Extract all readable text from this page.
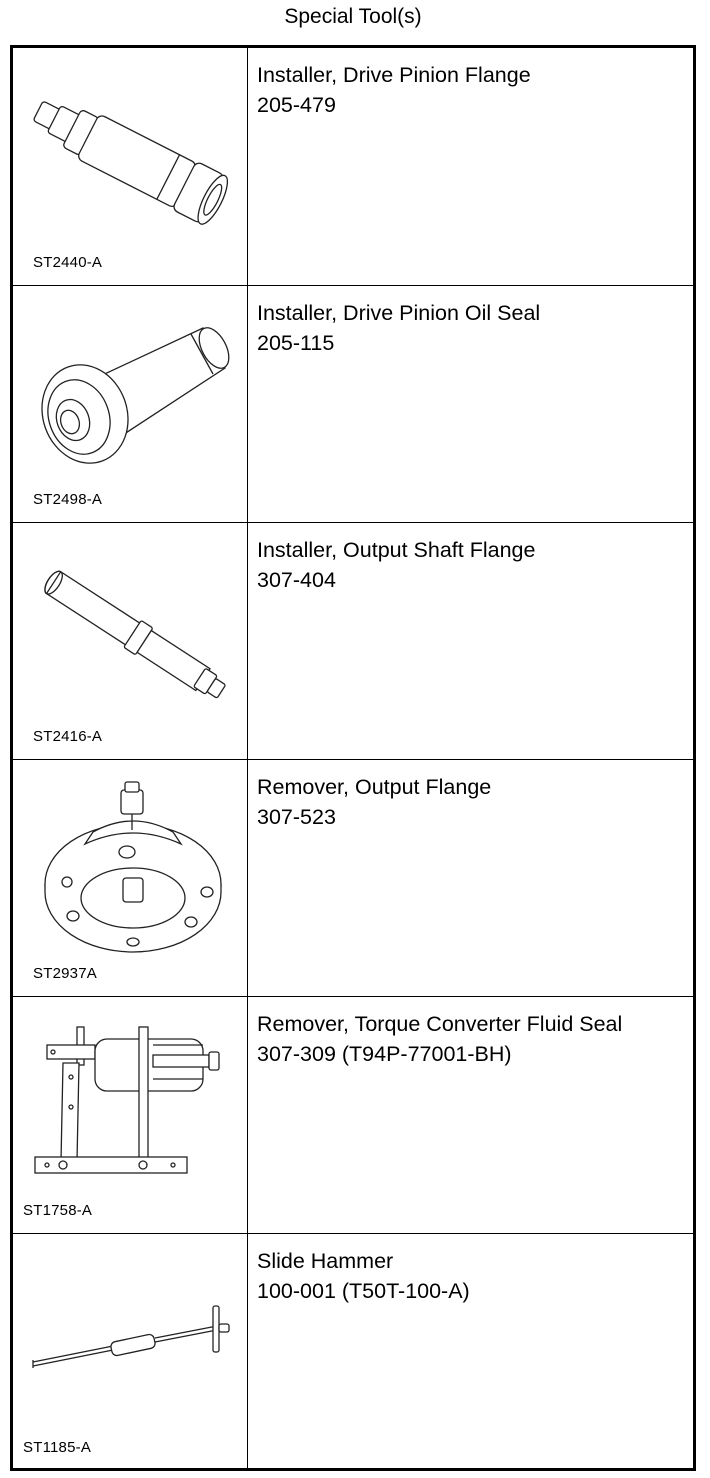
Special Tool(s)
ST2440-A
Installer, Drive Pinion Flange
205-479
ST2498-A
Installer, Drive Pinion Oil Seal
205-115
ST2416-A
Installer, Output Shaft Flange
307-404
ST2937A
Remover, Output Flange
307-523
ST1758-A
Remover, Torque Converter Fluid Seal
307-309 (T94P-77001-BH)
ST1185-A
Slide Hammer
100-001 (T50T-100-A)
